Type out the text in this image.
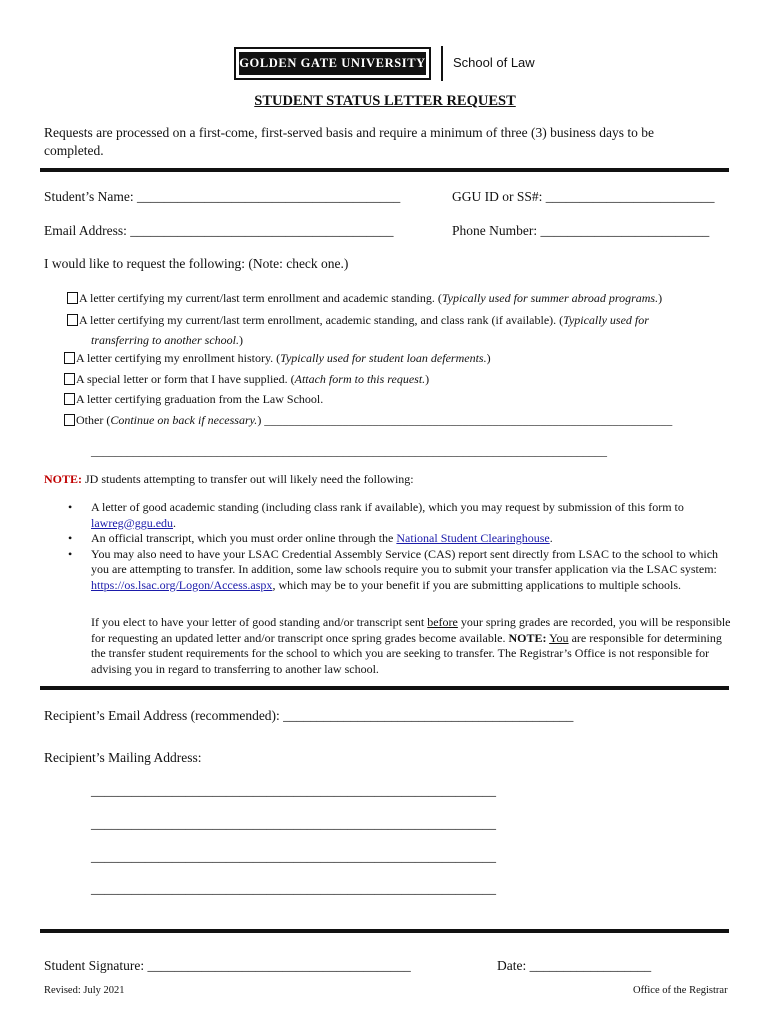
GOLDEN GATE UNIVERSITY School of Law
STUDENT STATUS LETTER REQUEST
Requests are processed on a first-come, first-served basis and require a minimum of three (3) business days to be completed.
Student’s Name: _______________________________________	GGU ID or SS#: _________________________
Email Address: _______________________________________	Phone Number: _________________________
I would like to request the following: (Note: check one.)
A letter certifying my current/last term enrollment and academic standing. (Typically used for summer abroad programs.)
A letter certifying my current/last term enrollment, academic standing, and class rank (if available). (Typically used for
transferring to another school.)
A letter certifying my enrollment history. (Typically used for student loan deferments.)
A special letter or form that I have supplied. (Attach form to this request.)
A letter certifying graduation from the Law School.
Other (Continue on back if necessary.) ____________________________________________________________________
______________________________________________________________________________________
NOTE: JD students attempting to transfer out will likely need the following:
• A letter of good academic standing (including class rank if available), which you may request by submission of this form to lawreg@ggu.edu.
• An official transcript, which you must order online through the National Student Clearinghouse.
• You may also need to have your LSAC Credential Assembly Service (CAS) report sent directly from LSAC to the school to which you are attempting to transfer. In addition, some law schools require you to submit your transfer application via the LSAC system: https://os.lsac.org/Logon/Access.aspx, which may be to your benefit if you are submitting applications to multiple schools.
If you elect to have your letter of good standing and/or transcript sent before your spring grades are recorded, you will be responsible for requesting an updated letter and/or transcript once spring grades become available. NOTE: You are responsible for determining the transfer student requirements for the school to which you are seeking to transfer. The Registrar’s Office is not responsible for advising you in regard to transferring to another law school.
Recipient’s Email Address (recommended): ___________________________________________
Recipient’s Mailing Address:
____________________________________________________________
____________________________________________________________
____________________________________________________________
____________________________________________________________
Student Signature: _______________________________________	Date: __________________
Revised: July 2021	Office of the Registrar
